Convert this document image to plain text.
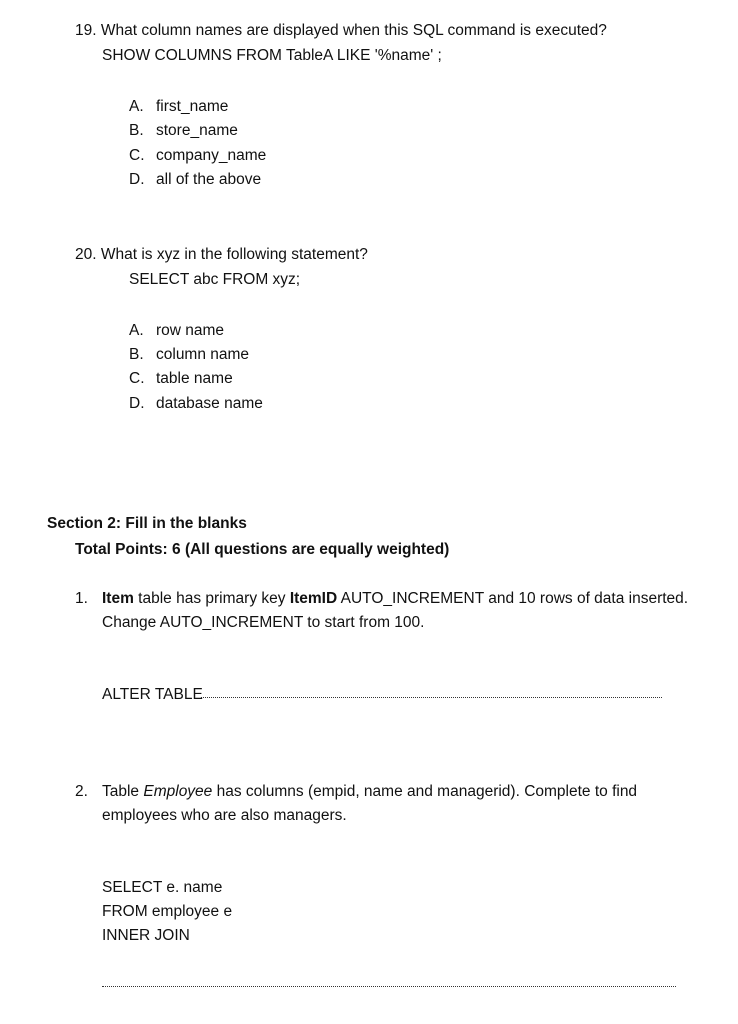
19. What column names are displayed when this SQL command is executed?
SHOW COLUMNS FROM TableA LIKE '%name' ;
A. first_name
B. store_name
C. company_name
D. all of the above
20. What is xyz in the following statement?
SELECT abc FROM xyz;
A. row name
B. column name
C. table name
D. database name
Section 2: Fill in the blanks
Total Points: 6 (All questions are equally weighted)
1. Item table has primary key ItemID AUTO_INCREMENT and 10 rows of data inserted.
Change AUTO_INCREMENT to start from 100.
ALTER TABLE
2. Table Employee has columns (empid, name and managerid). Complete to find
employees who are also managers.
SELECT e. name
FROM employee e
INNER JOIN
